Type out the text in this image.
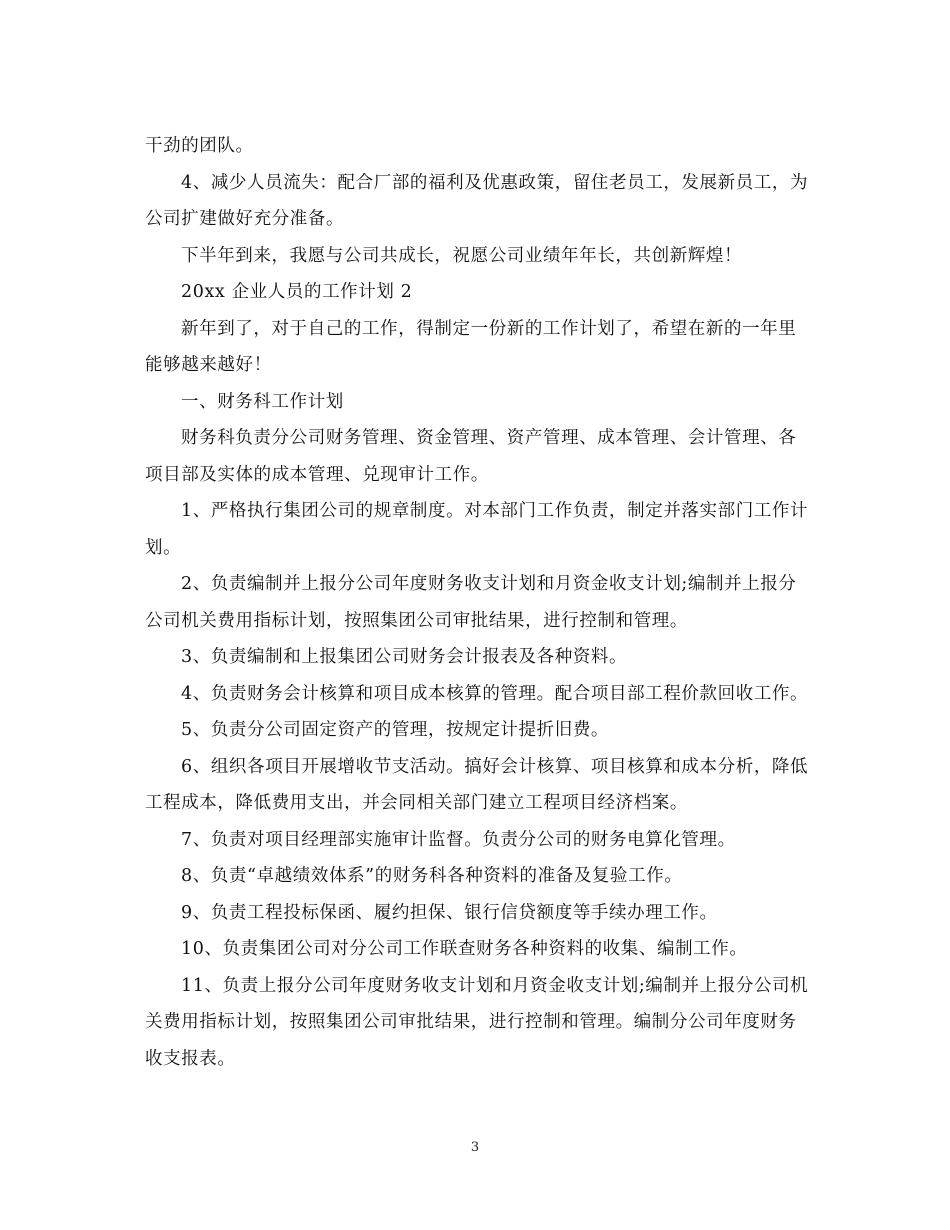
干劲的团队。

4、减少人员流失：配合厂部的福利及优惠政策，留住老员工，发展新员工，为公司扩建做好充分准备。

下半年到来，我愿与公司共成长，祝愿公司业绩年年长，共创新辉煌！

20xx 企业人员的工作计划 2

新年到了，对于自己的工作，得制定一份新的工作计划了，希望在新的一年里能够越来越好！

一、财务科工作计划

财务科负责分公司财务管理、资金管理、资产管理、成本管理、会计管理、各项目部及实体的成本管理、兑现审计工作。

1、严格执行集团公司的规章制度。对本部门工作负责，制定并落实部门工作计划。

2、负责编制并上报分公司年度财务收支计划和月资金收支计划;编制并上报分公司机关费用指标计划，按照集团公司审批结果，进行控制和管理。

3、负责编制和上报集团公司财务会计报表及各种资料。

4、负责财务会计核算和项目成本核算的管理。配合项目部工程价款回收工作。

5、负责分公司固定资产的管理，按规定计提折旧费。

6、组织各项目开展增收节支活动。搞好会计核算、项目核算和成本分析，降低工程成本，降低费用支出，并会同相关部门建立工程项目经济档案。

7、负责对项目经理部实施审计监督。负责分公司的财务电算化管理。

8、负责“卓越绩效体系”的财务科各种资料的准备及复验工作。

9、负责工程投标保函、履约担保、银行信贷额度等手续办理工作。

10、负责集团公司对分公司工作联查财务各种资料的收集、编制工作。

11、负责上报分公司年度财务收支计划和月资金收支计划;编制并上报分公司机关费用指标计划，按照集团公司审批结果，进行控制和管理。编制分公司年度财务收支报表。

3
